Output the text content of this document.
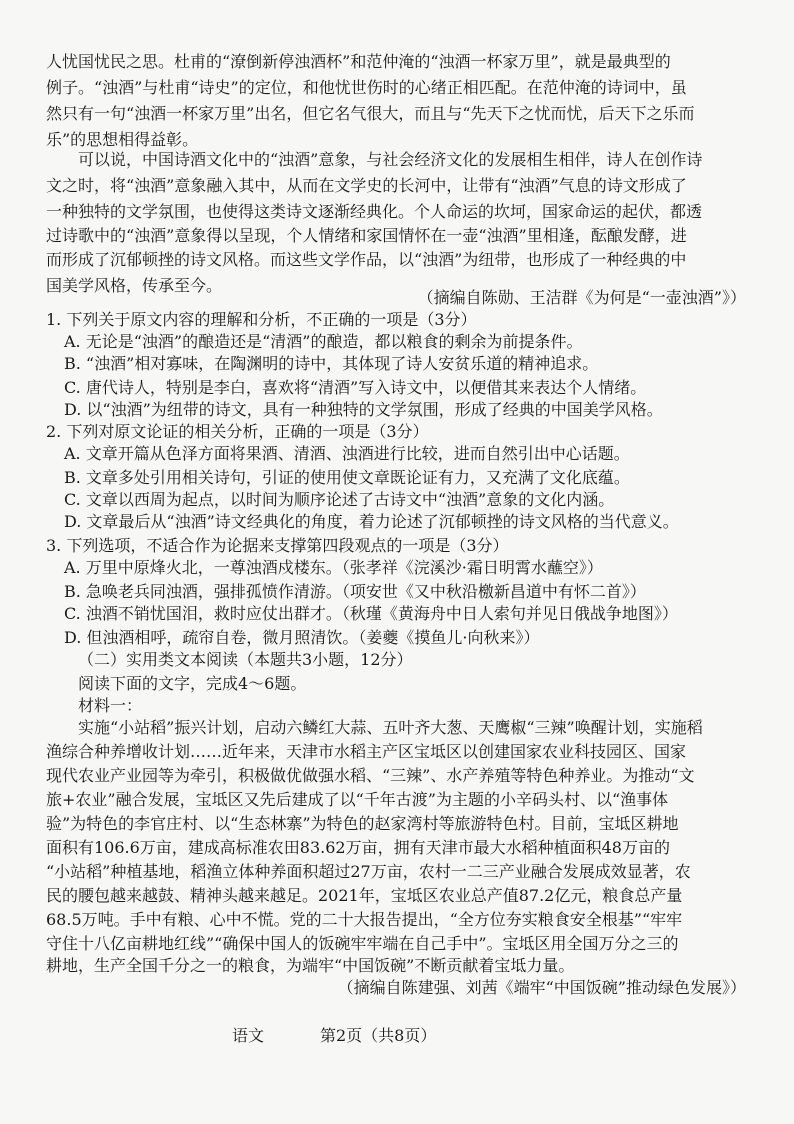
人忧国忧民之思。杜甫的“潦倒新停浊酒杯”和范仲淹的“浊酒一杯家万里”，就是最典型的
例子。“浊酒”与杜甫“诗史”的定位，和他忧世伤时的心绪正相匹配。在范仲淹的诗词中，虽
然只有一句“浊酒一杯家万里”出名，但它名气很大，而且与“先天下之忧而忧，后天下之乐而
乐”的思想相得益彰。
可以说，中国诗酒文化中的“浊酒”意象，与社会经济文化的发展相生相伴，诗人在创作诗
文之时，将“浊酒”意象融入其中，从而在文学史的长河中，让带有“浊酒”气息的诗文形成了
一种独特的文学氛围，也使得这类诗文逐渐经典化。个人命运的坎坷，国家命运的起伏，都透
过诗歌中的“浊酒”意象得以呈现，个人情绪和家国情怀在一壶“浊酒”里相逢，酝酿发酵，进
而形成了沉郁顿挫的诗文风格。而这些文学作品，以“浊酒”为纽带，也形成了一种经典的中
国美学风格，传承至今。
（摘编自陈勋、王洁群《为何是“一壶浊酒”》）
1. 下列关于原文内容的理解和分析，不正确的一项是（3分）
A. 无论是“浊酒”的酿造还是“清酒”的酿造，都以粮食的剩余为前提条件。
B. “浊酒”相对寡味，在陶渊明的诗中，其体现了诗人安贫乐道的精神追求。
C. 唐代诗人，特别是李白，喜欢将“清酒”写入诗文中，以便借其来表达个人情绪。
D. 以“浊酒”为纽带的诗文，具有一种独特的文学氛围，形成了经典的中国美学风格。
2. 下列对原文论证的相关分析，正确的一项是（3分）
A. 文章开篇从色泽方面将果酒、清酒、浊酒进行比较，进而自然引出中心话题。
B. 文章多处引用相关诗句，引证的使用使文章既论证有力，又充满了文化底蕴。
C. 文章以西周为起点，以时间为顺序论述了古诗文中“浊酒”意象的文化内涵。
D. 文章最后从“浊酒”诗文经典化的角度，着力论述了沉郁顿挫的诗文风格的当代意义。
3. 下列选项，不适合作为论据来支撑第四段观点的一项是（3分）
A. 万里中原烽火北，一尊浊酒戍楼东。（张孝祥《浣溪沙·霜日明霄水蘸空》）
B. 急唤老兵同浊酒，强排孤愤作清游。（项安世《又中秋沿檄新昌道中有怀二首》）
C. 浊酒不销忧国泪，救时应仗出群才。（秋瑾《黄海舟中日人索句并见日俄战争地图》）
D. 但浊酒相呼，疏帘自卷，微月照清饮。（姜夔《摸鱼儿·向秋来》）
（二）实用类文本阅读（本题共3小题，12分）
阅读下面的文字，完成4～6题。
材料一：
实施“小站稻”振兴计划，启动六鳞红大蒜、五叶齐大葱、天鹰椒“三辣”唤醒计划，实施稻
渔综合种养增收计划……近年来，天津市水稻主产区宝坻区以创建国家农业科技园区、国家
现代农业产业园等为牵引，积极做优做强水稻、“三辣”、水产养殖等特色种养业。为推动“文
旅+农业”融合发展，宝坻区又先后建成了以“千年古渡”为主题的小辛码头村、以“渔事体
验”为特色的李官庄村、以“生态林寨”为特色的赵家湾村等旅游特色村。目前，宝坻区耕地
面积有106.6万亩，建成高标准农田83.62万亩，拥有天津市最大水稻种植面积48万亩的
“小站稻”种植基地，稻渔立体种养面积超过27万亩，农村一二三产业融合发展成效显著，农
民的腰包越来越鼓、精神头越来越足。2021年，宝坻区农业总产值87.2亿元，粮食总产量
68.5万吨。手中有粮、心中不慌。党的二十大报告提出，“全方位夯实粮食安全根基”“牢牢
守住十八亿亩耕地红线”“确保中国人的饭碗牢牢端在自己手中”。宝坻区用全国万分之三的
耕地，生产全国千分之一的粮食，为端牢“中国饭碗”不断贡献着宝坻力量。
（摘编自陈建强、刘茜《端牢“中国饭碗”推动绿色发展》）
语文	第2页（共8页）
